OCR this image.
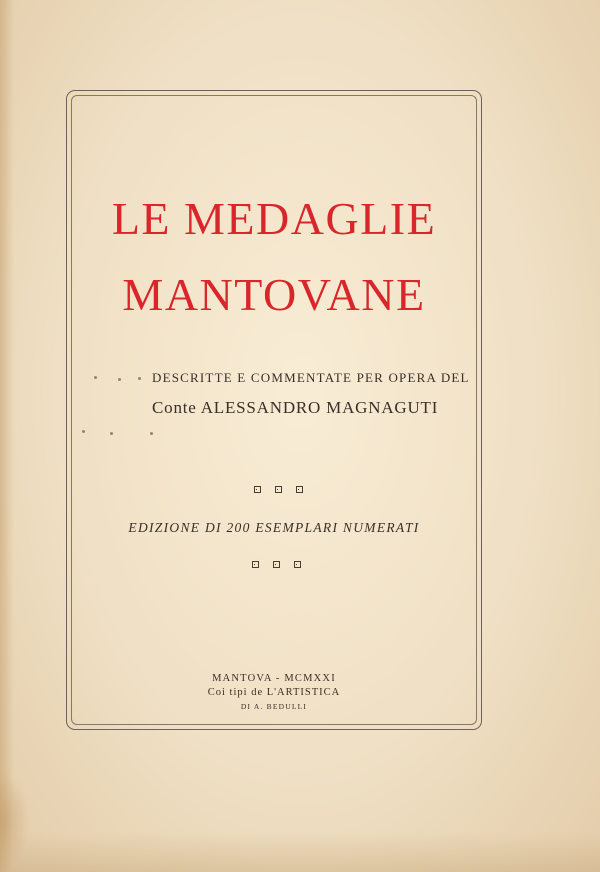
LE MEDAGLIE
MANTOVANE
DESCRITTE E COMMENTATE PER OPERA DEL
Conte ALESSANDRO MAGNAGUTI
EDIZIONE DI 200 ESEMPLARI NUMERATI
MANTOVA - MCMXXI
Coi tipi de L'ARTISTICA
DI A. BEDULLI
